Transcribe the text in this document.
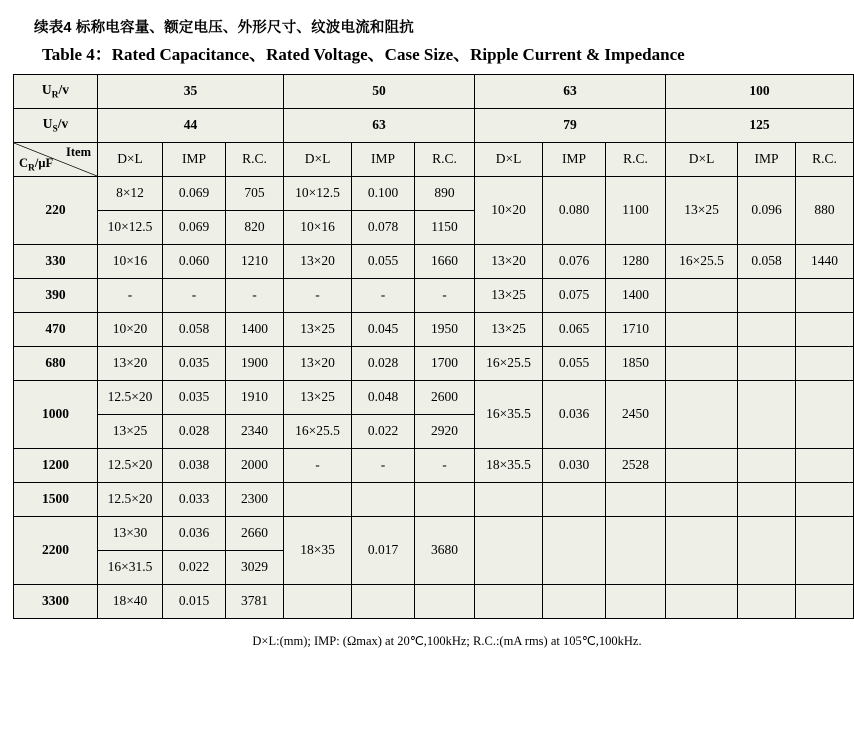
续表4 标称电容量、额定电压、外形尺寸、纹波电流和阻抗
Table 4：Rated Capacitance、Rated Voltage、Case Size、Ripple Current & Impedance
$U_R/v$	35			50			63			100		
$U_S/v$	44			63			79			125		

Item
$C_R/\mu F$	D×L	IMP	R.C.	D×L	IMP	R.C.	D×L	IMP	R.C.	D×L	IMP	R.C.
220	8×12	0.069	705	10×12.5	0.100	890	10×20	0.080	1100	13×25	0.096	880
	10×12.5	0.069	820	10×16	0.078	1150						
330	10×16	0.060	1210	13×20	0.055	1660	13×20	0.076	1280	16×25.5	0.058	1440
390	-	-	-	-	-	-	13×25	0.075	1400			
470	10×20	0.058	1400	13×25	0.045	1950	13×25	0.065	1710			
680	13×20	0.035	1900	13×20	0.028	1700	16×25.5	0.055	1850			
1000	12.5×20	0.035	1910	13×25	0.048	2600	16×35.5	0.036	2450			
	13×25	0.028	2340	16×25.5	0.022	2920						
1200	12.5×20	0.038	2000	-	-	-	18×35.5	0.030	2528			
1500	12.5×20	0.033	2300									
2200	13×30	0.036	2660	18×35	0.017	3680						
	16×31.5	0.022	3029									
3300	18×40	0.015	3781									
D×L:(mm); IMP: (Ωmax) at 20℃,100kHz; R.C.:(mA rms) at 105℃,100kHz.
